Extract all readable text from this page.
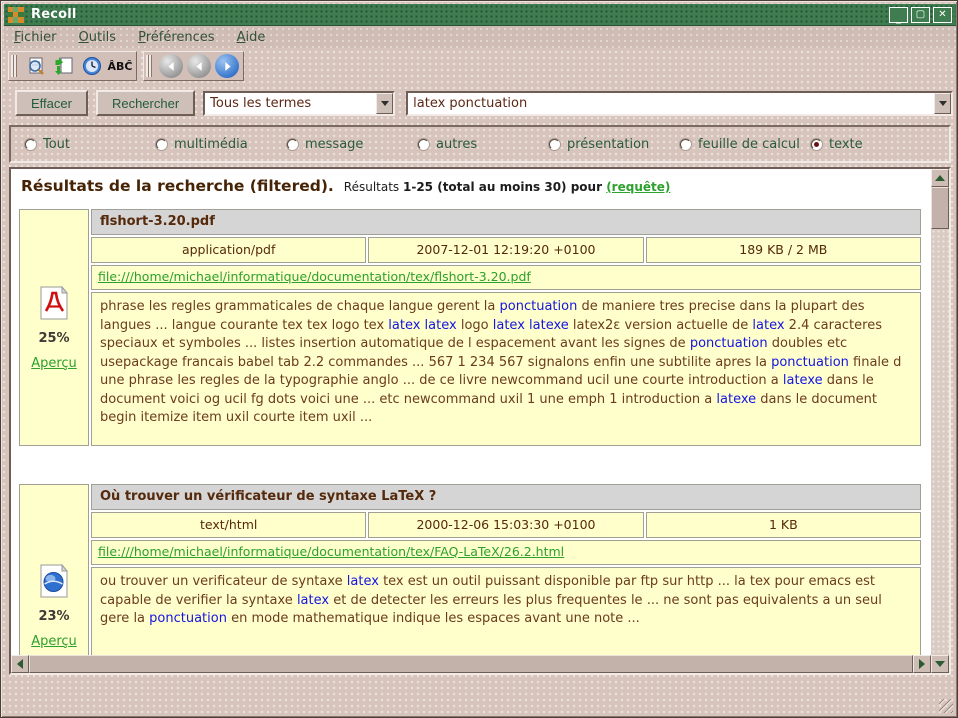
Recoll	_	▢	✕
Fichier Outils Préférences Aide
ÂBĈ
Effacer	Rechercher	Tous les termes
latex ponctuation
Tout	multimédia	message	autres	présentation	feuille de calcul texte
Résultats de la recherche (filtered). Résultats 1-25 (total au moins 30) pour (requête)
25%
Aperçu
flshort-3.20.pdf
application/pdf	2007-12-01 12:19:20 +0100	189 KB / 2 MB
file:///home/michael/informatique/documentation/tex/flshort-3.20.pdf
phrase les regles grammaticales de chaque langue gerent la ponctuation de maniere tres precise dans la plupart des langues ... langue courante tex tex logo tex latex latex logo latex latexe latex2ε version actuelle de latex 2.4 caracteres speciaux et symboles ... listes insertion automatique de l espacement avant les signes de ponctuation doubles etc usepackage francais babel tab 2.2 commandes ... 567 1 234 567 signalons enfin une subtilite apres la ponctuation finale d une phrase les regles de la typographie anglo ... de ce livre newcommand ucil une courte introduction a latexe dans le document voici og ucil fg dots voici une ... etc newcommand uxil 1 une emph 1 introduction a latexe dans le document begin itemize item uxil courte item uxil ...
23%
Aperçu
Où trouver un vérificateur de syntaxe LaTeX ?
text/html	2000-12-06 15:03:30 +0100	1 KB
file:///home/michael/informatique/documentation/tex/FAQ-LaTeX/26.2.html
ou trouver un verificateur de syntaxe latex tex est un outil puissant disponible par ftp sur http ... la tex pour emacs est capable de verifier la syntaxe latex et de detecter les erreurs les plus frequentes le ... ne sont pas equivalents a un seul gere la ponctuation en mode mathematique indique les espaces avant une note ...
